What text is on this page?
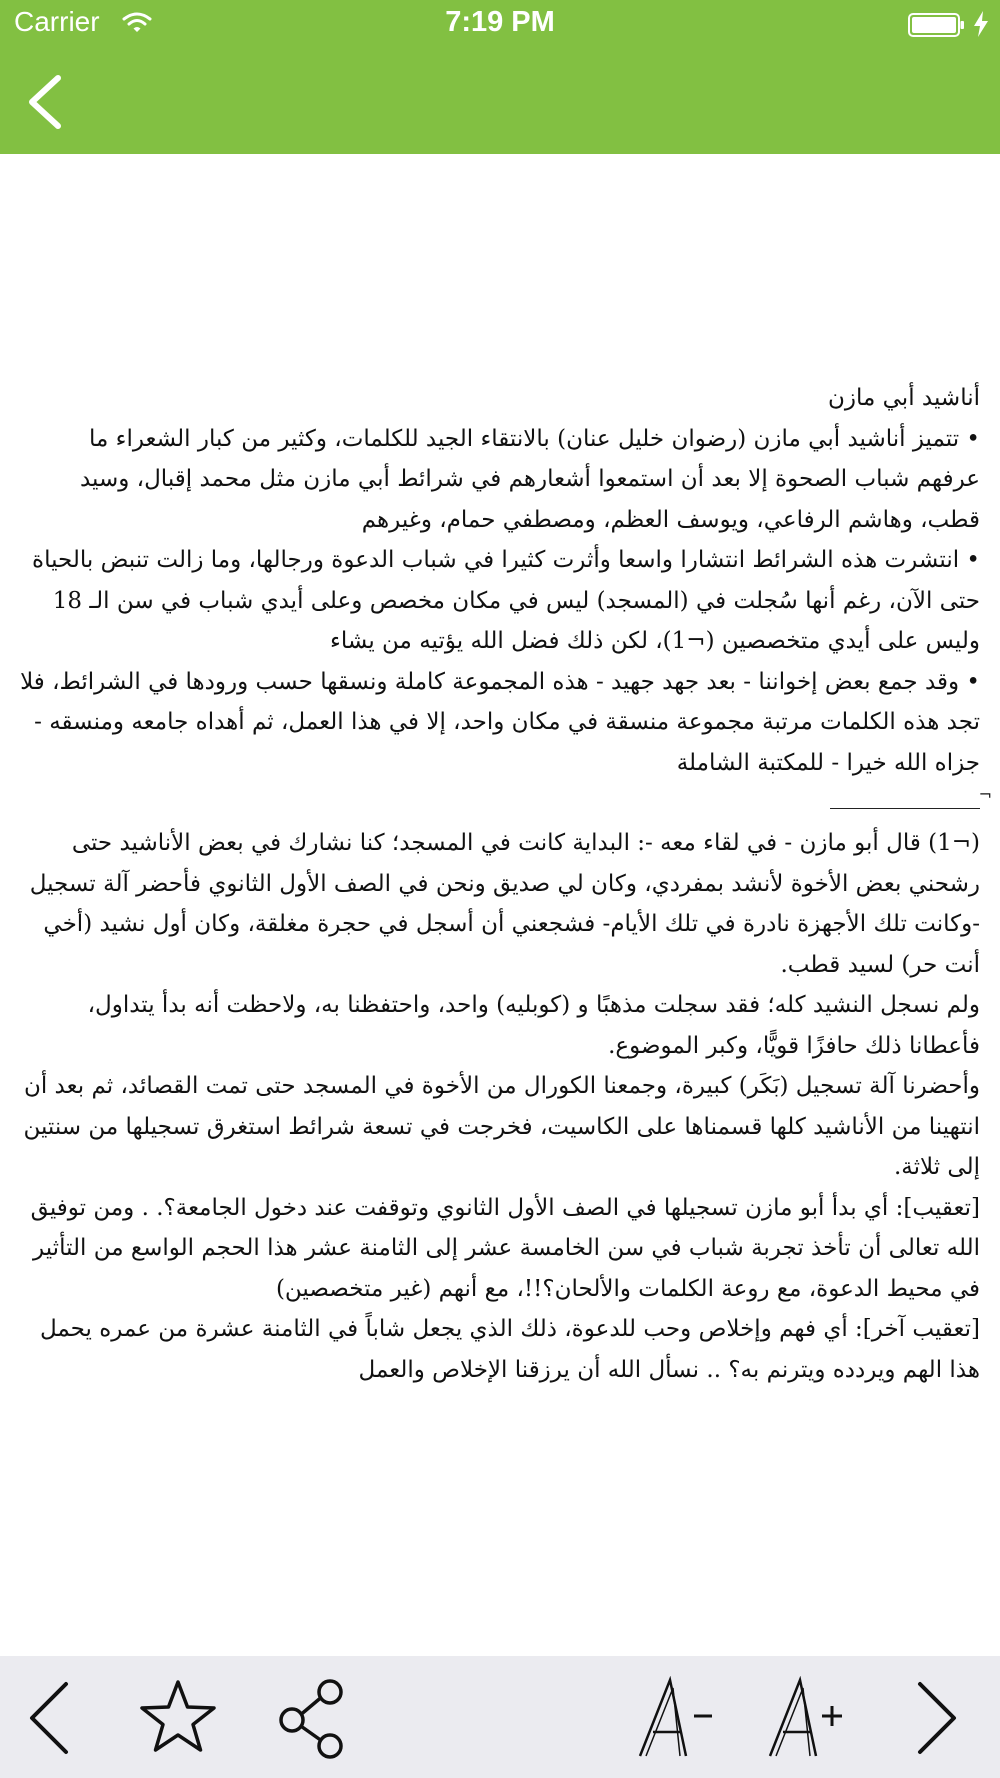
Carrier	7:19 PM

أناشيد أبي مازن

• تتميز أناشيد أبي مازن (رضوان خليل عنان) بالانتقاء الجيد للكلمات، وكثير من كبار الشعراء ما عرفهم شباب الصحوة إلا بعد أن استمعوا أشعارهم في شرائط أبي مازن مثل محمد إقبال، وسيد قطب، وهاشم الرفاعي، ويوسف العظم، ومصطفي حمام، وغيرهم

• انتشرت هذه الشرائط انتشارا واسعا وأثرت كثيرا في شباب الدعوة ورجالها، وما زالت تنبض بالحياة حتى الآن، رغم أنها سُجلت في (المسجد) ليس في مكان مخصص وعلى أيدي شباب في سن الـ 18 وليس على أيدي متخصصين (¬1)، لكن ذلك فضل الله يؤتيه من يشاء

• وقد جمع بعض إخواننا - بعد جهد جهيد - هذه المجموعة كاملة ونسقها حسب ورودها في الشرائط، فلا تجد هذه الكلمات مرتبة مجموعة منسقة في مكان واحد، إلا في هذا العمل، ثم أهداه جامعه ومنسقه - جزاه الله خيرا - للمكتبة الشاملة

¬

(¬1) قال أبو مازن - في لقاء معه -: البداية كانت في المسجد؛ كنا نشارك في بعض الأناشيد حتى رشحني بعض الأخوة لأنشد بمفردي، وكان لي صديق ونحن في الصف الأول الثانوي فأحضر آلة تسجيل -وكانت تلك الأجهزة نادرة في تلك الأيام- فشجعني أن أسجل في حجرة مغلقة، وكان أول نشيد (أخي أنت حر) لسيد قطب.

ولم نسجل النشيد كله؛ فقد سجلت مذهبًا و (كوبليه) واحد، واحتفظنا به، ولاحظت أنه بدأ يتداول، فأعطانا ذلك حافزًا قويًّا، وكبر الموضوع.

وأحضرنا آلة تسجيل (بَكَر) كبيرة، وجمعنا الكورال من الأخوة في المسجد حتى تمت القصائد، ثم بعد أن انتهينا من الأناشيد كلها قسمناها على الكاسيت، فخرجت في تسعة شرائط استغرق تسجيلها من سنتين إلى ثلاثة.

[تعقيب]: أي بدأ أبو مازن تسجيلها في الصف الأول الثانوي وتوقفت عند دخول الجامعة؟. . ومن توفيق الله تعالى أن تأخذ تجربة شباب في سن الخامسة عشر إلى الثامنة عشر هذا الحجم الواسع من التأثير في محيط الدعوة، مع روعة الكلمات والألحان؟!!، مع أنهم (غير متخصصين)

[تعقيب آخر]: أي فهم وإخلاص وحب للدعوة، ذلك الذي يجعل شاباً في الثامنة عشرة من عمره يحمل هذا الهم ويردده ويترنم به؟ .. نسأل الله أن يرزقنا الإخلاص والعمل
